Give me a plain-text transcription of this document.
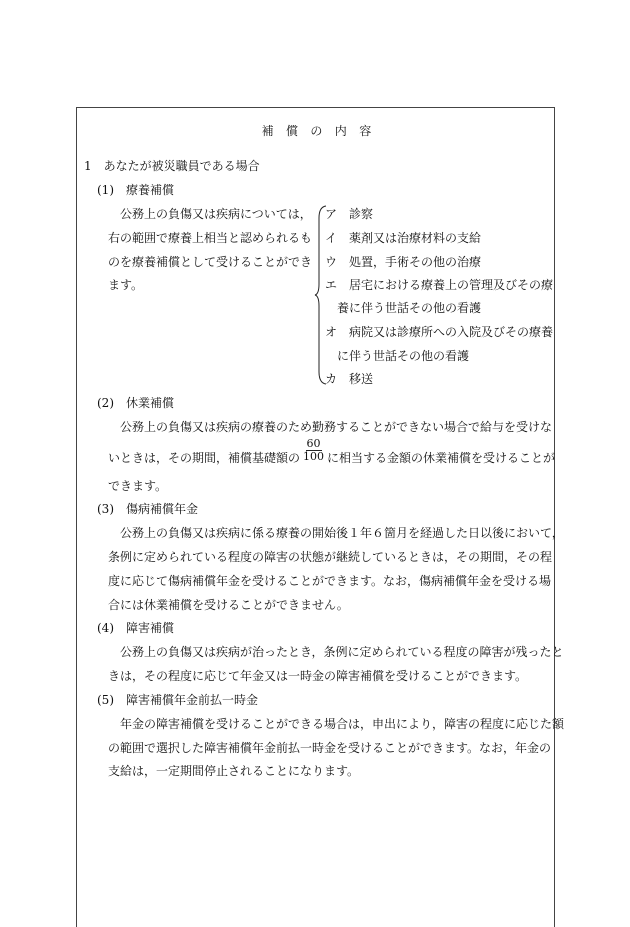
補　償　の　内　容
1　あなたが被災職員である場合
(1)　療養補償
公務上の負傷又は疾病については，
右の範囲で療養上相当と認められるも
のを療養補償として受けることができ
ます。
ア　診察
イ　薬剤又は治療材料の支給
ウ　処置，手術その他の治療
エ　居宅における療養上の管理及びその療
　養に伴う世話その他の看護
オ　病院又は診療所への入院及びその療養
　に伴う世話その他の看護
カ　移送
(2)　休業補償
公務上の負傷又は疾病の療養のため勤務することができない場合で給与を受けな
いときは，その期間，補償基礎額の $\frac{60}{100}$ に相当する金額の休業補償を受けることが
できます。
(3)　傷病補償年金
公務上の負傷又は疾病に係る療養の開始後１年６箇月を経過した日以後において，
条例に定められている程度の障害の状態が継続しているときは，その期間，その程
度に応じて傷病補償年金を受けることができます。なお，傷病補償年金を受ける場
合には休業補償を受けることができません。
(4)　障害補償
公務上の負傷又は疾病が治ったとき，条例に定められている程度の障害が残ったと
きは，その程度に応じて年金又は一時金の障害補償を受けることができます。
(5)　障害補償年金前払一時金
年金の障害補償を受けることができる場合は，申出により，障害の程度に応じた額
の範囲で選択した障害補償年金前払一時金を受けることができます。なお，年金の
支給は，一定期間停止されることになります。
